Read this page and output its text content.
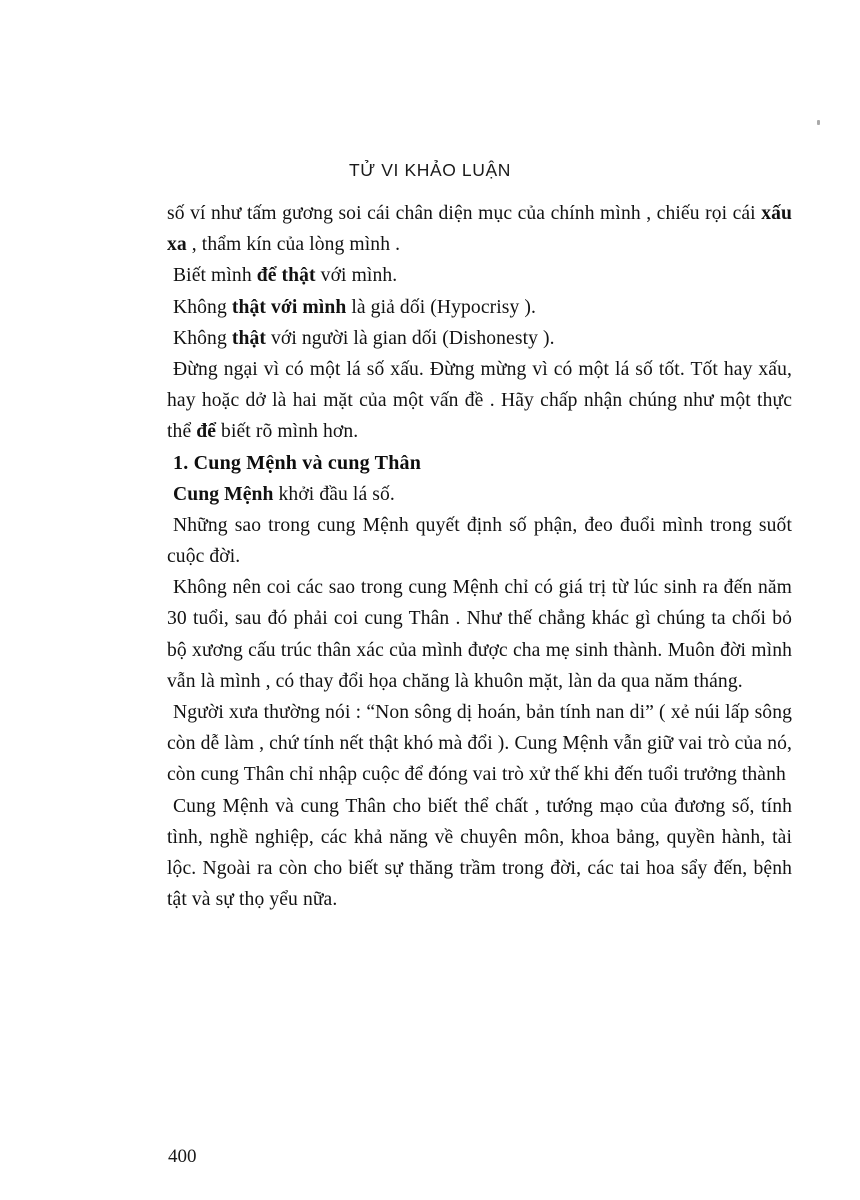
TỬ VI KHẢO LUẬN

số ví như tấm gương soi cái chân diện mục của chính mình , chiếu rọi cái xấu xa , thẩm kín của lòng mình .

Biết mình để thật với mình.

Không thật với mình là giả dối (Hypocrisy ).

Không thật với người là gian dối (Dishonesty ).

Đừng ngại vì có một lá số xấu. Đừng mừng vì có một lá số tốt. Tốt hay xấu, hay hoặc dở là hai mặt của một vấn đề . Hãy chấp nhận chúng như một thực thể để biết rõ mình hơn.

1. Cung Mệnh và cung Thân

Cung Mệnh khởi đầu lá số.

Những sao trong cung Mệnh quyết định số phận, đeo đuổi mình trong suốt cuộc đời.

Không nên coi các sao trong cung Mệnh chỉ có giá trị từ lúc sinh ra đến năm 30 tuổi, sau đó phải coi cung Thân . Như thế chẳng khác gì chúng ta chối bỏ bộ xương cấu trúc thân xác của mình được cha mẹ sinh thành. Muôn đời mình vẫn là mình , có thay đổi họa chăng là khuôn mặt, làn da qua năm tháng.

Người xưa thường nói : “Non sông dị hoán, bản tính nan di” ( xẻ núi lấp sông còn dễ làm , chứ tính nết thật khó mà đổi ). Cung Mệnh vẫn giữ vai trò của nó, còn cung Thân chỉ nhập cuộc để đóng vai trò xử thế khi đến tuổi trưởng thành

Cung Mệnh và cung Thân cho biết thể chất , tướng mạo của đương số, tính tình, nghề nghiệp, các khả năng về chuyên môn, khoa bảng, quyền hành, tài lộc. Ngoài ra còn cho biết sự thăng trầm trong đời, các tai hoa sẩy đến, bệnh tật và sự thọ yểu nữa.

400
